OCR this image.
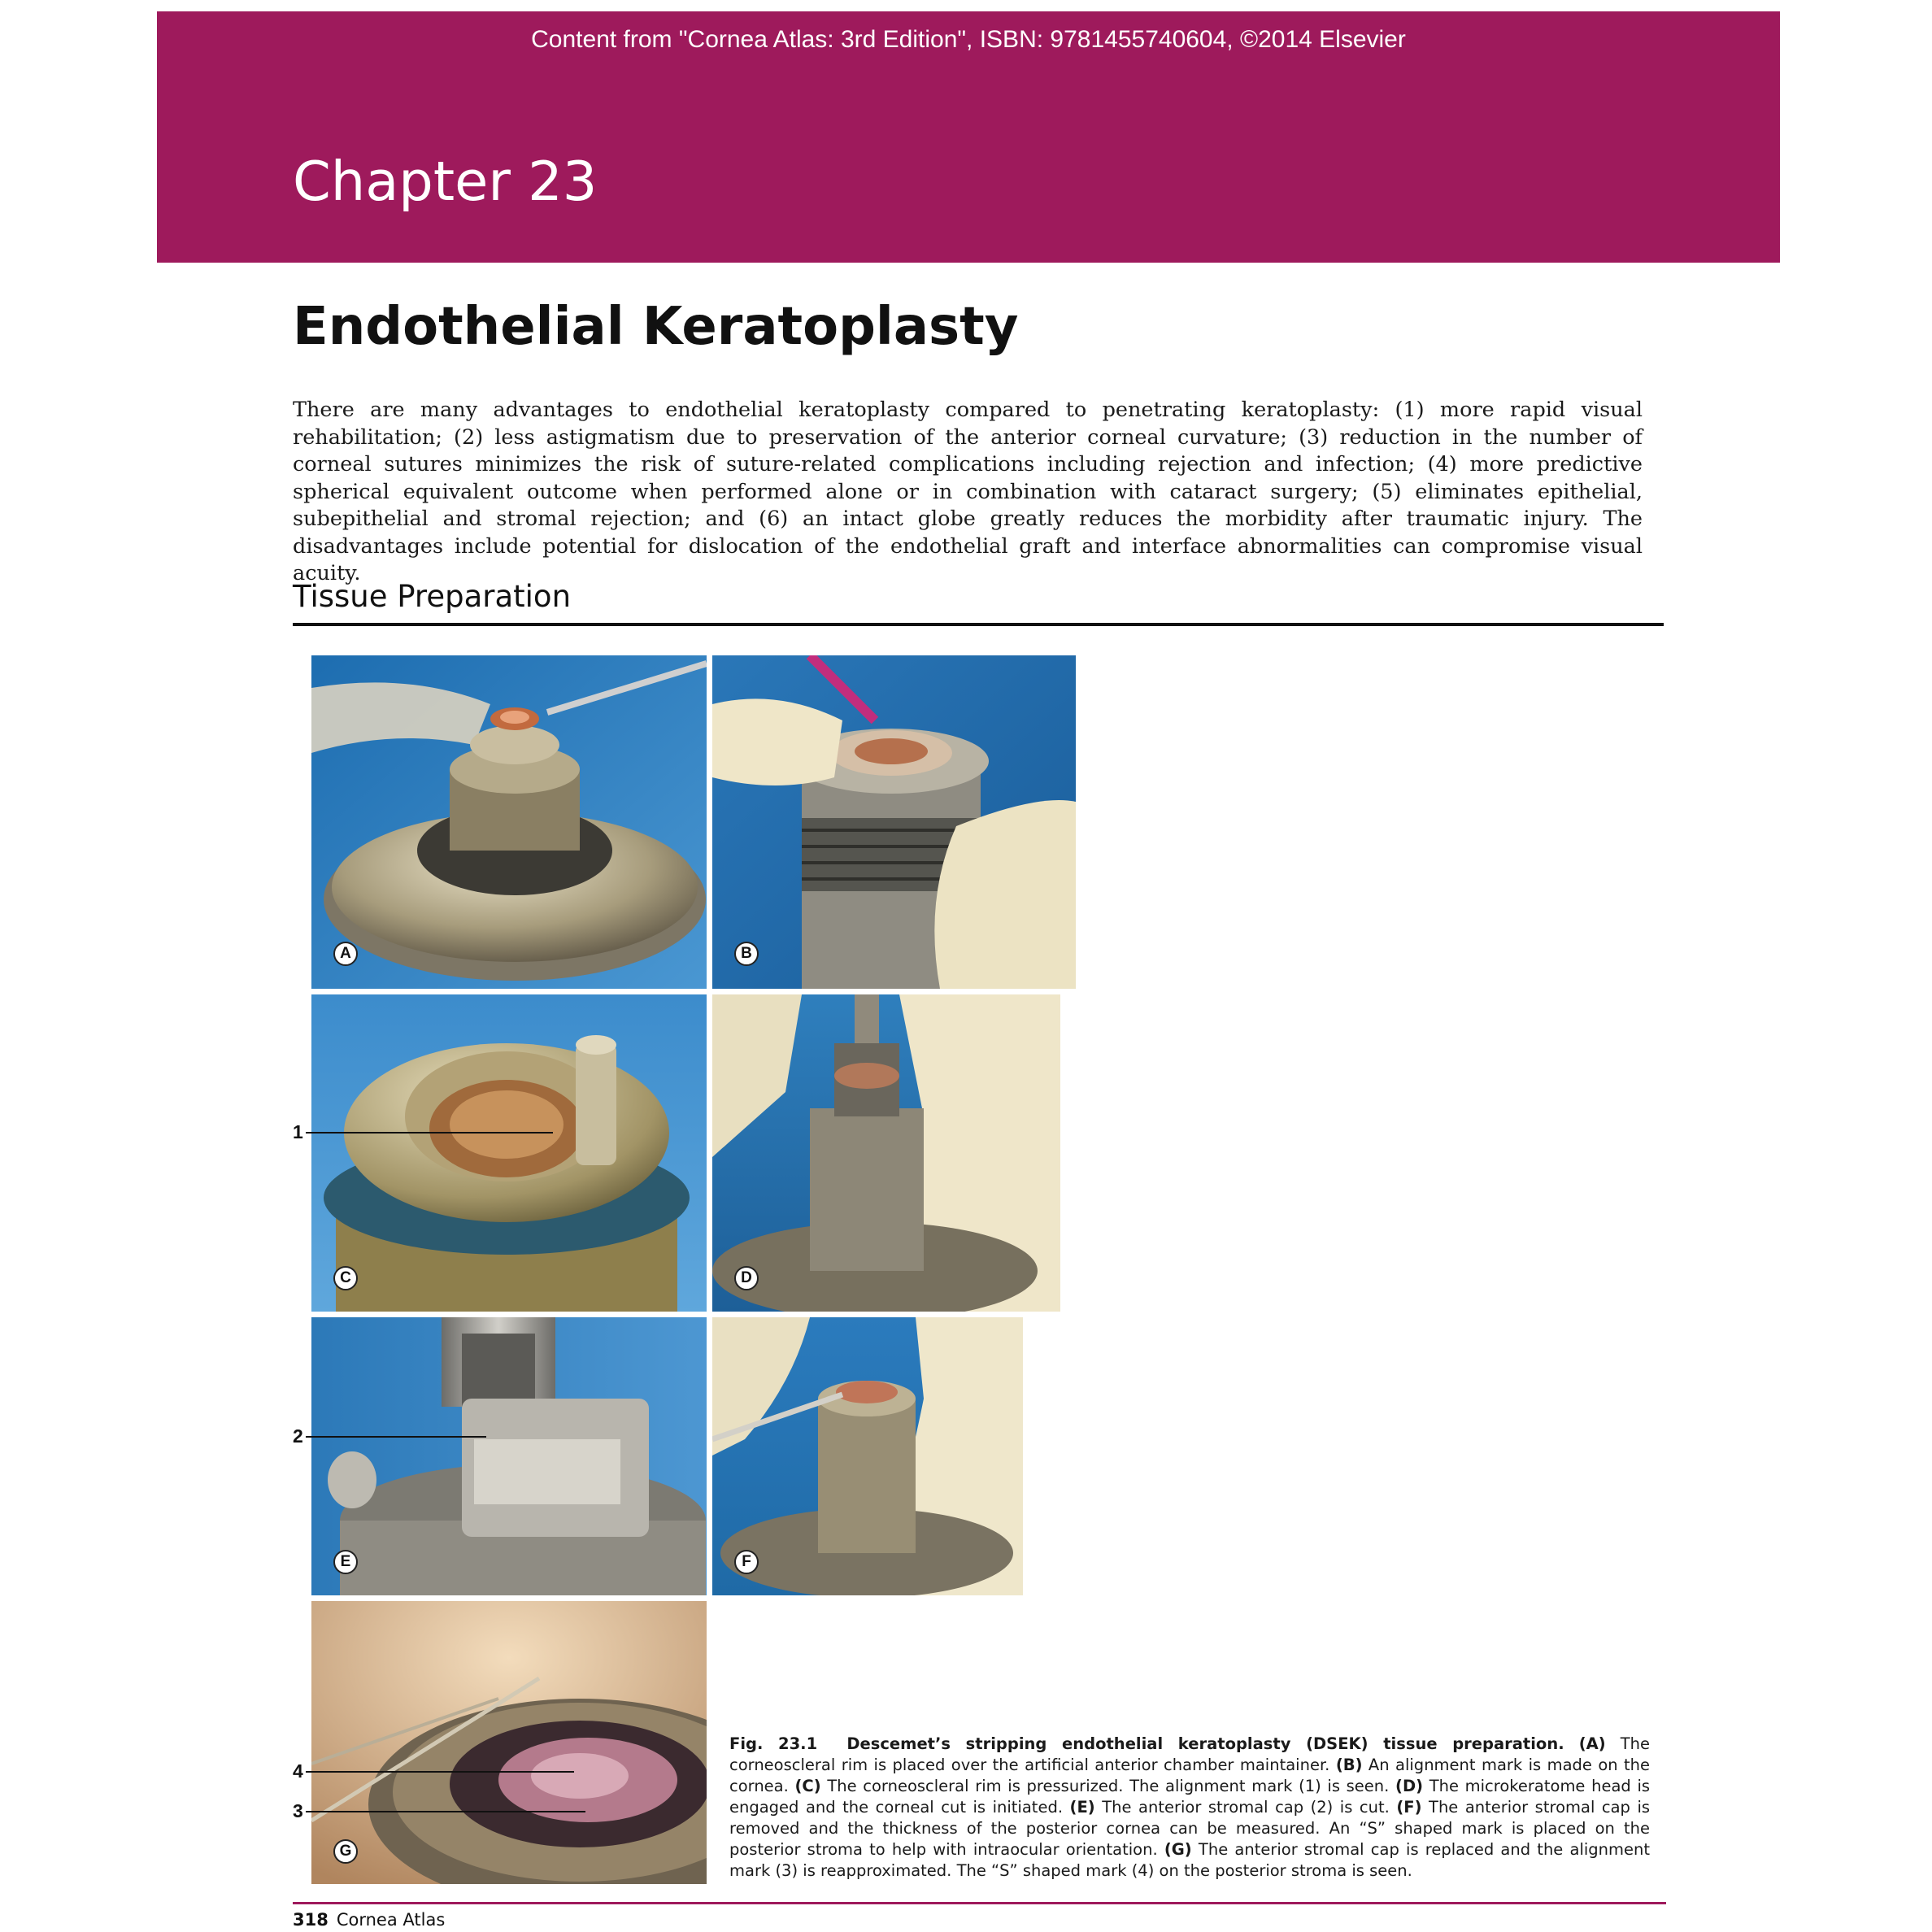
Content from "Cornea Atlas: 3rd Edition", ISBN: 9781455740604, ©2014 Elsevier
Chapter 23
Endothelial Keratoplasty

There are many advantages to endothelial keratoplasty compared to penetrating keratoplasty: (1) more rapid visual rehabilitation; (2) less astigmatism due to preservation of the anterior corneal curvature; (3) reduction in the number of corneal sutures minimizes the risk of suture-related complications including rejection and infection; (4) more predictive spherical equivalent outcome when performed alone or in combination with cataract surgery; (5) eliminates epithelial, subepithelial and stromal rejection; and (6) an intact globe greatly reduces the morbidity after traumatic injury. The disadvantages include potential for dislocation of the endothelial graft and interface abnormalities can compromise visual acuity.

Tissue Preparation
A	B
C	D
E	F
G
1
2
4
3

Fig. 23.1 Descemet’s stripping endothelial keratoplasty (DSEK) tissue preparation. (A) The corneoscleral rim is placed over the artificial anterior chamber maintainer. (B) An alignment mark is made on the cornea. (C) The corneoscleral rim is pressurized. The alignment mark (1) is seen. (D) The microkeratome head is engaged and the corneal cut is initiated. (E) The anterior stromal cap (2) is cut. (F) The anterior stromal cap is removed and the thickness of the posterior cornea can be measured. An “S” shaped mark is placed on the posterior stroma to help with intraocular orientation. (G) The anterior stromal cap is replaced and the alignment mark (3) is reapproximated. The “S” shaped mark (4) on the posterior stroma is seen.

318 Cornea Atlas
